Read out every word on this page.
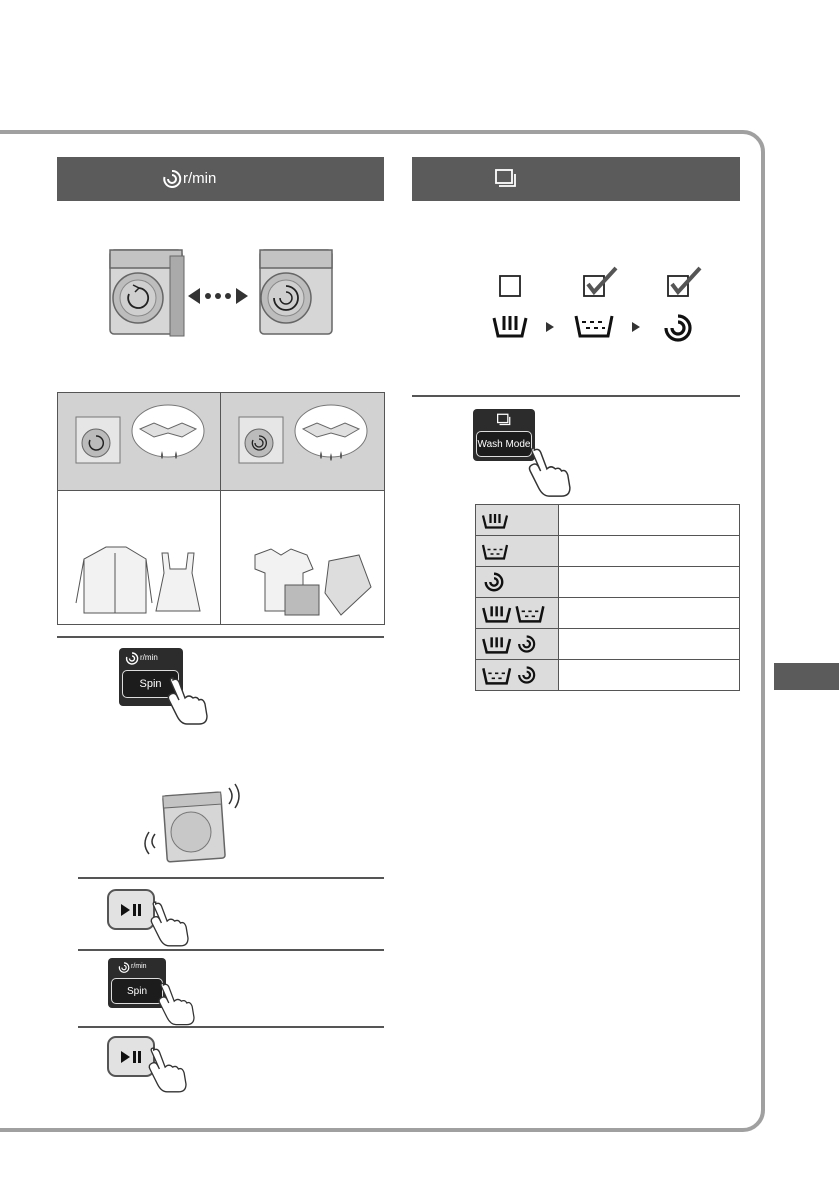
r/min
r/min
Spin
r/min
Spin
Wash Mode
